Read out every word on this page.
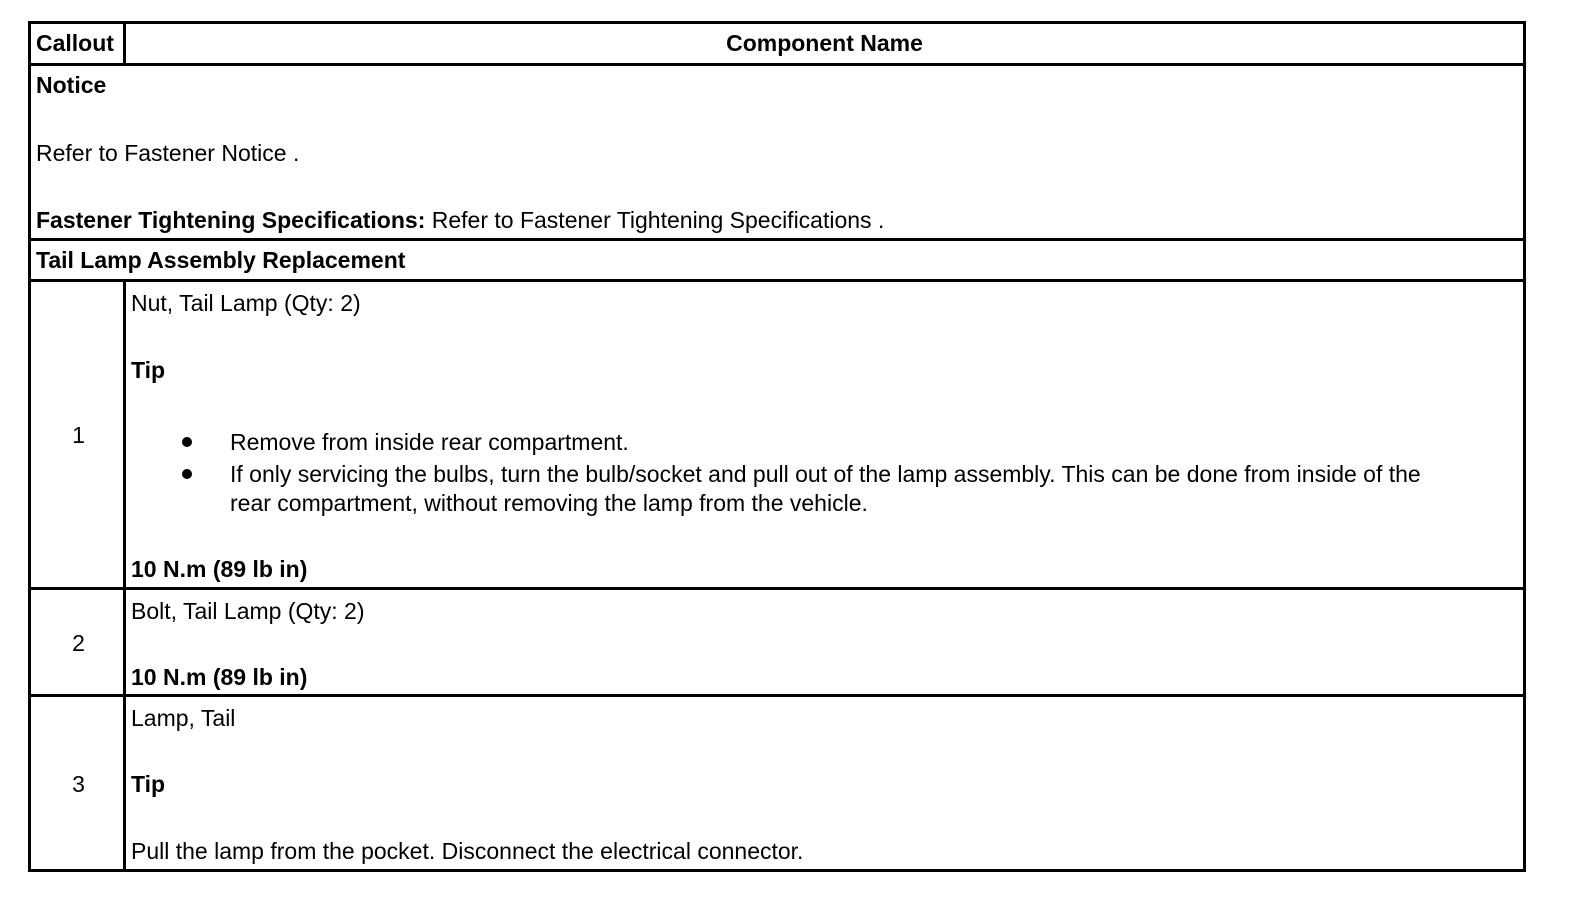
Callout	Component Name
Notice
Refer to Fastener Notice .
Fastener Tightening Specifications: Refer to Fastener Tightening Specifications .
Tail Lamp Assembly Replacement
1
Nut, Tail Lamp (Qty: 2)
Tip
Remove from inside rear compartment.
If only servicing the bulbs, turn the bulb/socket and pull out of the lamp assembly. This can be done from inside of the
rear compartment, without removing the lamp from the vehicle.
10 N.m (89 lb in)
2
Bolt, Tail Lamp (Qty: 2)
10 N.m (89 lb in)
3
Lamp, Tail
Tip
Pull the lamp from the pocket. Disconnect the electrical connector.
